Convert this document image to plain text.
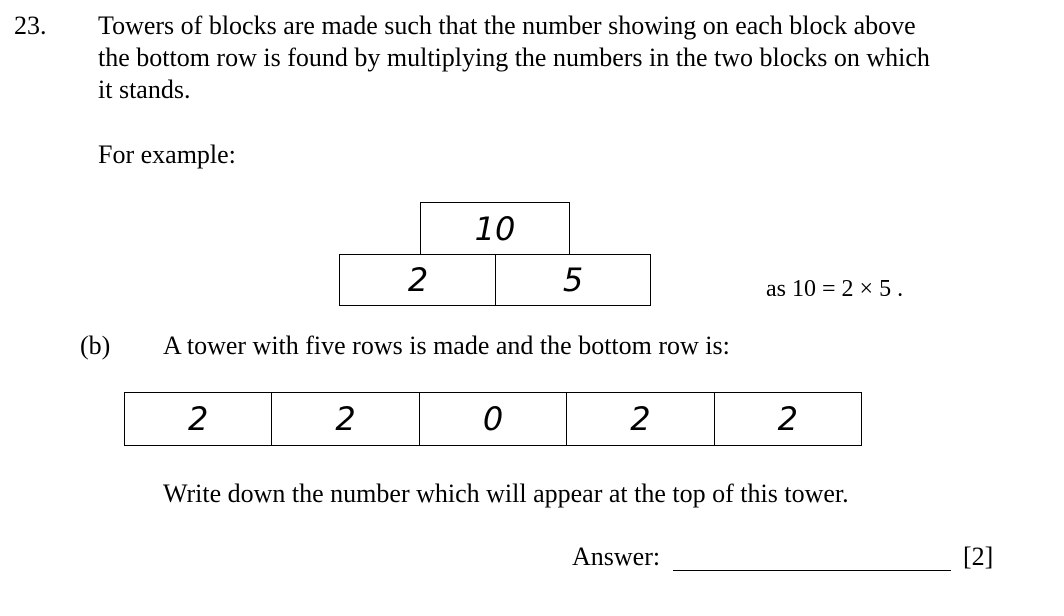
23. Towers of blocks are made such that the number showing on each block above
the bottom row is found by multiplying the numbers in the two blocks on which
it stands.
For example:
10
2	5	as 10 = 2 × 5 .
(b) A tower with five rows is made and the bottom row is:
2	2	0	2	2
Write down the number which will appear at the top of this tower.
Answer:	[2]
